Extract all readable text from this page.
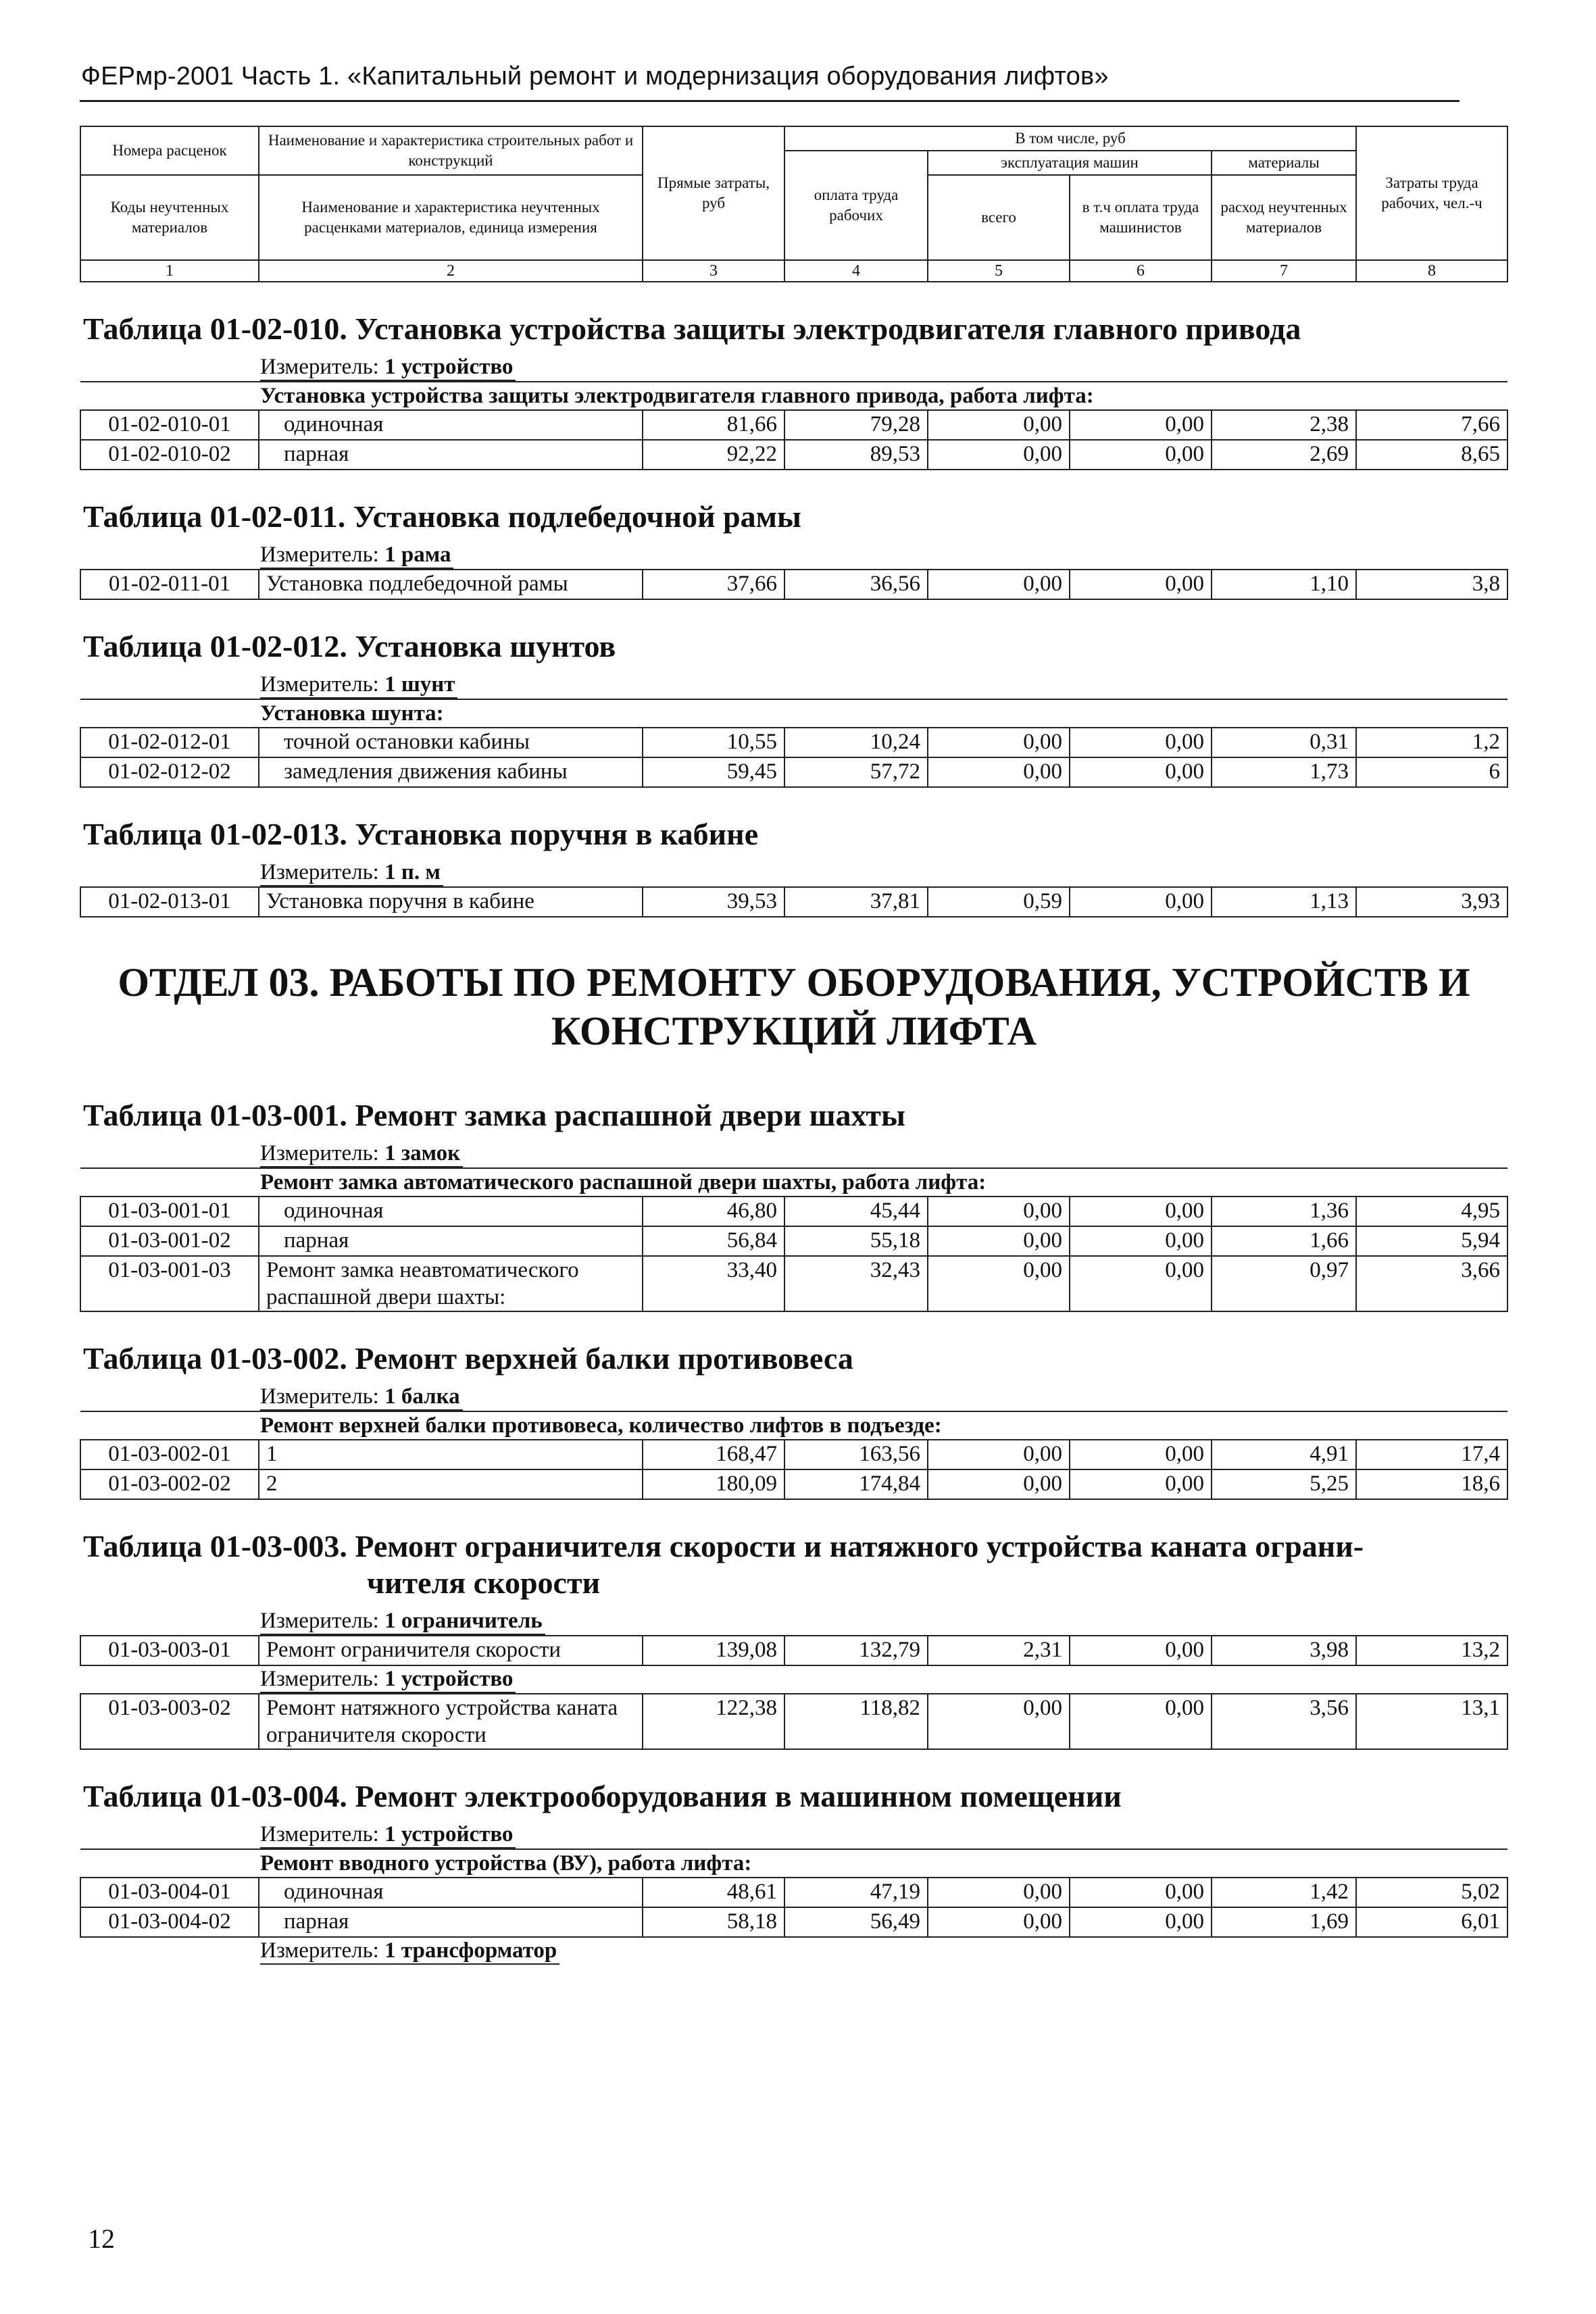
ФЕРмр-2001 Часть 1. «Капитальный ремонт и модернизация оборудования лифтов»
Номера расценок	Наименование и характеристика строительных работ и конструкций	Прямые затраты, руб	В том числе, руб				Затраты труда рабочих, чел.-ч
			оплата труда рабочих	эксплуатация машин		материалы	
Коды неучтенных материалов	Наименование и характеристика неучтенных расценками материалов, единица измерения			всего	в т.ч оплата труда машинистов	расход неучтенных материалов	

1	2	3	4	5	6	7	8
Таблица 01-02-010. Установка устройства защиты электродвигателя главного привода							
Измеритель: 1 устройство							
Установка устройства защиты электродвигателя главного привода, работа лифта:							
01-02-010-01	одиночная	81,66	79,28	0,00	0,00	2,38	7,66
01-02-010-02	парная	92,22	89,53	0,00	0,00	2,69	8,65
Таблица 01-02-011. Установка подлебедочной рамы							
Измеритель: 1 рама							
01-02-011-01	Установка подлебедочной рамы	37,66	36,56	0,00	0,00	1,10	3,8
Таблица 01-02-012. Установка шунтов							
Измеритель: 1 шунт							
Установка шунта:							
01-02-012-01	точной остановки кабины	10,55	10,24	0,00	0,00	0,31	1,2
01-02-012-02	замедления движения кабины	59,45	57,72	0,00	0,00	1,73	6
Таблица 01-02-013. Установка поручня в кабине							
Измеритель: 1 п. м							
01-02-013-01	Установка поручня в кабине	39,53	37,81	0,59	0,00	1,13	3,93
ОТДЕЛ 03. РАБОТЫ ПО РЕМОНТУ ОБОРУДОВАНИЯ, УСТРОЙСТВ И КОНСТРУКЦИЙ ЛИФТА							
Таблица 01-03-001. Ремонт замка распашной двери шахты							
Измеритель: 1 замок							
Ремонт замка автоматического распашной двери шахты, работа лифта:							
01-03-001-01	одиночная	46,80	45,44	0,00	0,00	1,36	4,95
01-03-001-02	парная	56,84	55,18	0,00	0,00	1,66	5,94
01-03-001-03	Ремонт замка неавтоматического распашной двери шахты:	33,40	32,43	0,00	0,00	0,97	3,66
Таблица 01-03-002. Ремонт верхней балки противовеса							
Измеритель: 1 балка							
Ремонт верхней балки противовеса, количество лифтов в подъезде:							
01-03-002-01	1	168,47	163,56	0,00	0,00	4,91	17,4
01-03-002-02	2	180,09	174,84	0,00	0,00	5,25	18,6
Таблица 01-03-003. Ремонт ограничителя скорости и натяжного устройства каната ограни-
чителя скорости							

Измеритель: 1 ограничитель							
01-03-003-01	Ремонт ограничителя скорости	139,08	132,79	2,31	0,00	3,98	13,2
Измеритель: 1 устройство							
01-03-003-02	Ремонт натяжного устройства каната ограничителя скорости	122,38	118,82	0,00	0,00	3,56	13,1
Таблица 01-03-004. Ремонт электрооборудования в машинном помещении							
Измеритель: 1 устройство							
Ремонт вводного устройства (ВУ), работа лифта:							
01-03-004-01	одиночная	48,61	47,19	0,00	0,00	1,42	5,02
01-03-004-02	парная	58,18	56,49	0,00	0,00	1,69	6,01
Измеритель: 1 трансформатор							
12
